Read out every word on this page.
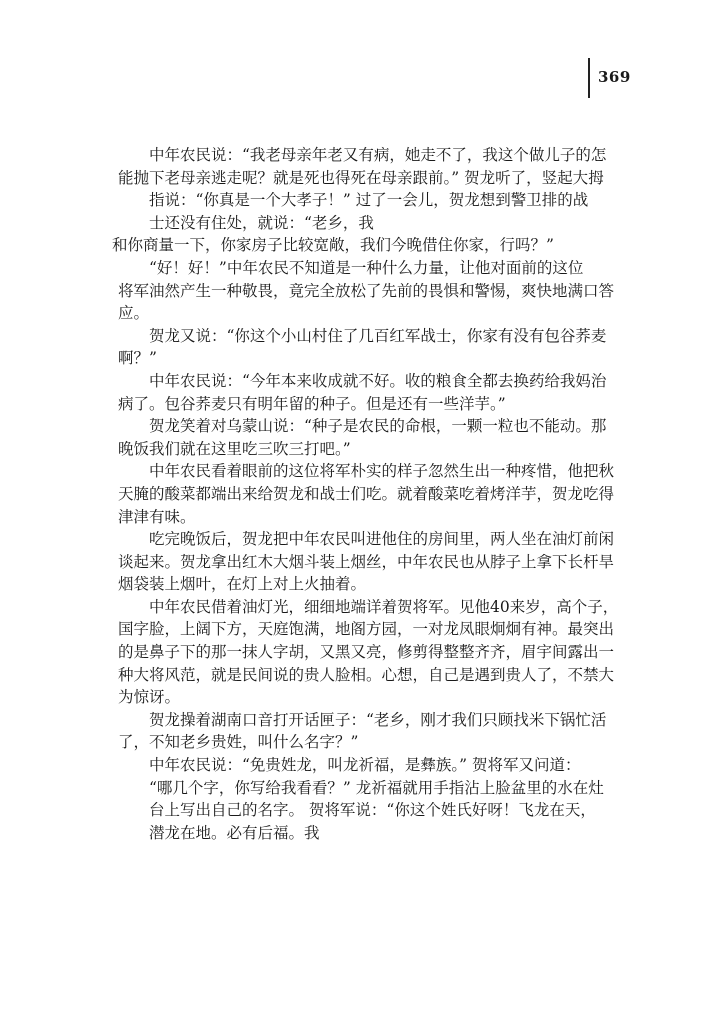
369
中年农民说：“我老母亲年老又有病，她走不了，我这个做儿子的怎
能抛下老母亲逃走呢？就是死也得死在母亲跟前。” 贺龙听了，竖起大拇
指说：“你真是一个大孝子！” 过了一会儿，贺龙想到警卫排的战
士还没有住处，就说：“老乡，我
和你商量一下，你家房子比较宽敞，我们今晚借住你家，行吗？”
“好！好！”中年农民不知道是一种什么力量，让他对面前的这位
将军油然产生一种敬畏，竟完全放松了先前的畏惧和警惕，爽快地满口答
应。
贺龙又说：“你这个小山村住了几百红军战士，你家有没有包谷荞麦
啊？”
中年农民说：“今年本来收成就不好。收的粮食全都去换药给我妈治
病了。包谷荞麦只有明年留的种子。但是还有一些洋芋。”
贺龙笑着对乌蒙山说：“种子是农民的命根，一颗一粒也不能动。那
晚饭我们就在这里吃三吹三打吧。”
中年农民看着眼前的这位将军朴实的样子忽然生出一种疼惜，他把秋
天腌的酸菜都端出来给贺龙和战士们吃。就着酸菜吃着烤洋芋，贺龙吃得
津津有味。
吃完晚饭后，贺龙把中年农民叫进他住的房间里，两人坐在油灯前闲
谈起来。贺龙拿出红木大烟斗装上烟丝，中年农民也从脖子上拿下长杆旱
烟袋装上烟叶，在灯上对上火抽着。
中年农民借着油灯光，细细地端详着贺将军。见他40来岁，高个子，
国字脸，上阔下方，天庭饱满，地阁方园，一对龙凤眼炯炯有神。最突出
的是鼻子下的那一抹人字胡，又黑又亮，修剪得整整齐齐，眉宇间露出一
种大将风范，就是民间说的贵人脸相。心想，自己是遇到贵人了，不禁大
为惊讶。
贺龙操着湖南口音打开话匣子：“老乡，刚才我们只顾找米下锅忙活
了，不知老乡贵姓，叫什么名字？”
中年农民说：“免贵姓龙，叫龙祈福，是彝族。” 贺将军又问道：
“哪几个字，你写给我看看？” 龙祈福就用手指沾上脸盆里的水在灶
台上写出自己的名字。 贺将军说：“你这个姓氏好呀！飞龙在天，
潜龙在地。必有后福。我
